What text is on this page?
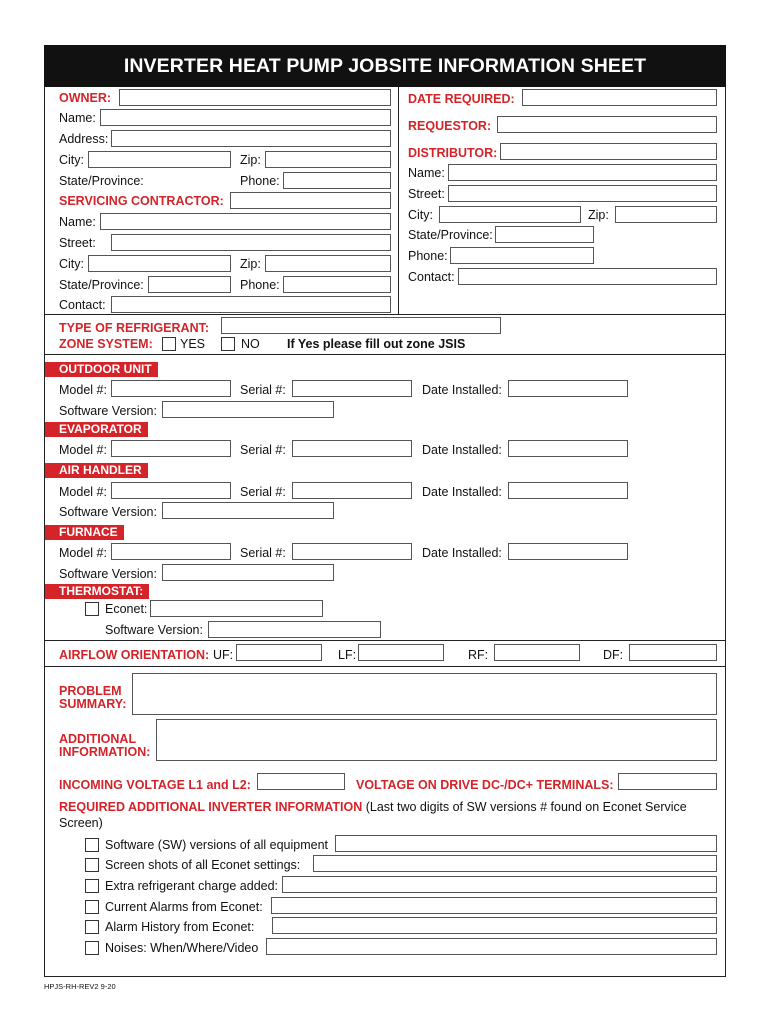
INVERTER HEAT PUMP JOBSITE INFORMATION SHEET
OWNER:
Name:
Address:
City:	Zip:
State/Province:	Phone:
SERVICING CONTRACTOR:
Name:
Street:
City:	Zip:
State/Province:	Phone:
Contact:
DATE REQUIRED:
REQUESTOR:
DISTRIBUTOR:
Name:
Street:
City:	Zip:
State/Province:
Phone:
Contact:
TYPE OF REFRIGERANT:
ZONE SYSTEM: YES	NO If Yes please fill out zone JSIS
OUTDOOR UNIT
Model #:	Serial #:	Date Installed:
Software Version:
EVAPORATOR
Model #:	Serial #:	Date Installed:
AIR HANDLER
Model #:	Serial #:	Date Installed:
Software Version:
FURNACE
Model #:	Serial #:	Date Installed:
Software Version:
THERMOSTAT:
Econet:
Software Version:
AIRFLOW ORIENTATION: UF:	LF:	RF:	DF:
PROBLEM
SUMMARY:
ADDITIONAL
INFORMATION:
INCOMING VOLTAGE L1 and L2:	VOLTAGE ON DRIVE DC-/DC+ TERMINALS:
REQUIRED ADDITIONAL INVERTER INFORMATION (Last two digits of SW versions # found on Econet Service
Screen)
Software (SW) versions of all equipment
Screen shots of all Econet settings:
Extra refrigerant charge added:
Current Alarms from Econet:
Alarm History from Econet:
Noises: When/Where/Video
HPJS-RH-REV2 9-20
